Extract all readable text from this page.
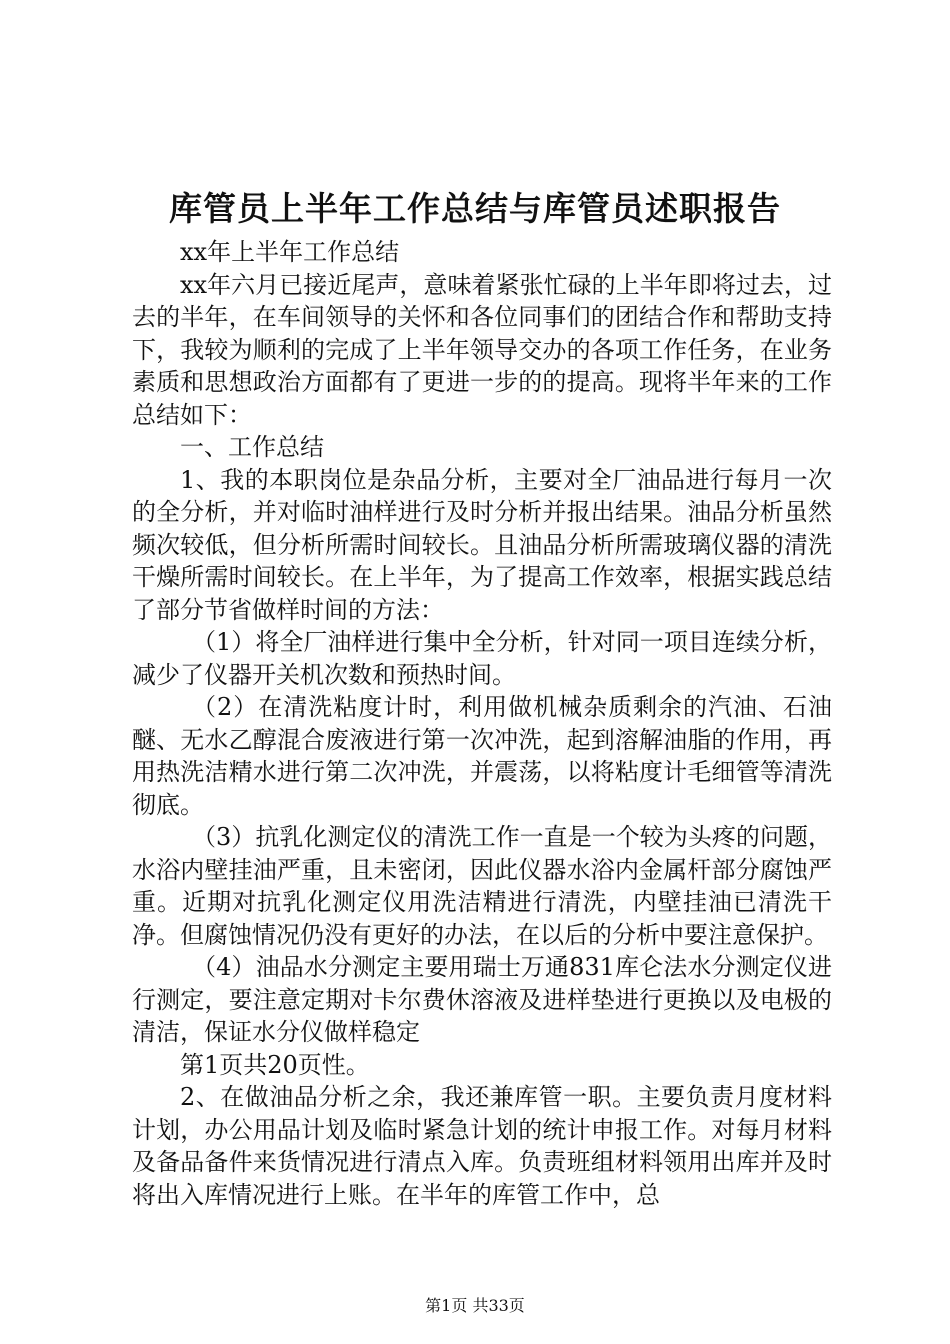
库管员上半年工作总结与库管员述职报告

xx年上半年工作总结

xx年六月已接近尾声，意味着紧张忙碌的上半年即将过去，过去的半年，在车间领导的关怀和各位同事们的团结合作和帮助支持下，我较为顺利的完成了上半年领导交办的各项工作任务，在业务素质和思想政治方面都有了更进一步的的提高。现将半年来的工作总结如下：

一、工作总结

1、我的本职岗位是杂品分析，主要对全厂油品进行每月一次的全分析，并对临时油样进行及时分析并报出结果。油品分析虽然频次较低，但分析所需时间较长。且油品分析所需玻璃仪器的清洗干燥所需时间较长。在上半年，为了提高工作效率，根据实践总结了部分节省做样时间的方法：

（1）将全厂油样进行集中全分析，针对同一项目连续分析，减少了仪器开关机次数和预热时间。

（2）在清洗粘度计时，利用做机械杂质剩余的汽油、石油醚、无水乙醇混合废液进行第一次冲洗，起到溶解油脂的作用，再用热洗洁精水进行第二次冲洗，并震荡，以将粘度计毛细管等清洗彻底。

（3）抗乳化测定仪的清洗工作一直是一个较为头疼的问题，水浴内壁挂油严重，且未密闭，因此仪器水浴内金属杆部分腐蚀严重。近期对抗乳化测定仪用洗洁精进行清洗，内壁挂油已清洗干净。但腐蚀情况仍没有更好的办法，在以后的分析中要注意保护。

（4）油品水分测定主要用瑞士万通831库仑法水分测定仪进行测定，要注意定期对卡尔费休溶液及进样垫进行更换以及电极的清洁，保证水分仪做样稳定

第1页共20页性。

2、在做油品分析之余，我还兼库管一职。主要负责月度材料计划，办公用品计划及临时紧急计划的统计申报工作。对每月材料及备品备件来货情况进行清点入库。负责班组材料领用出库并及时将出入库情况进行上账。在半年的库管工作中，总

第1页 共33页
